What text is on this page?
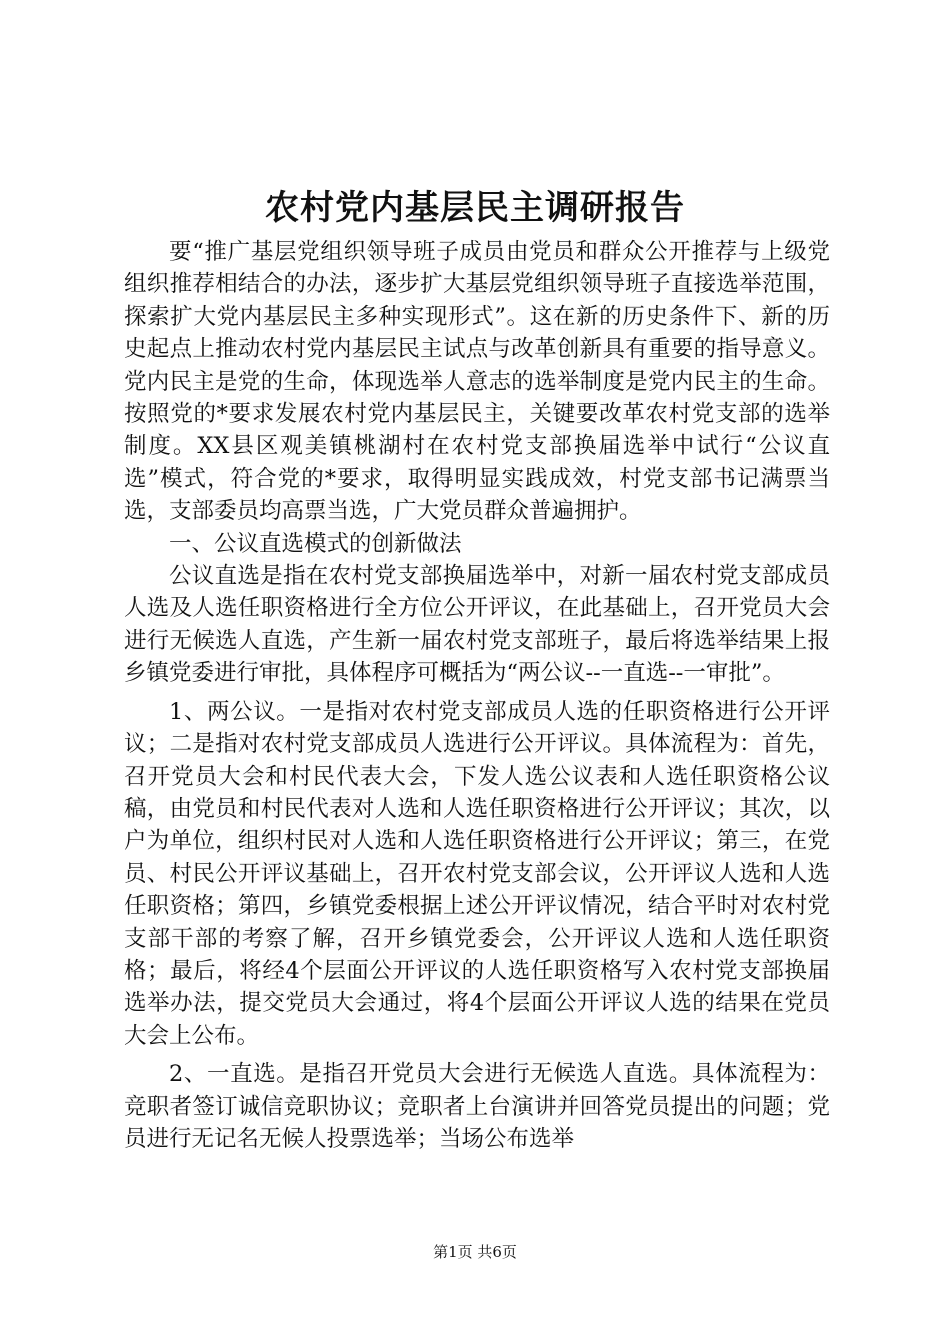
农村党内基层民主调研报告

要“推广基层党组织领导班子成员由党员和群众公开推荐与上级党组织推荐相结合的办法，逐步扩大基层党组织领导班子直接选举范围，探索扩大党内基层民主多种实现形式”。这在新的历史条件下、新的历史起点上推动农村党内基层民主试点与改革创新具有重要的指导意义。党内民主是党的生命，体现选举人意志的选举制度是党内民主的生命。按照党的*要求发展农村党内基层民主，关键要改革农村党支部的选举制度。XX县区观美镇桃湖村在农村党支部换届选举中试行“公议直选”模式，符合党的*要求，取得明显实践成效，村党支部书记满票当选，支部委员均高票当选，广大党员群众普遍拥护。

一、公议直选模式的创新做法

公议直选是指在农村党支部换届选举中，对新一届农村党支部成员人选及人选任职资格进行全方位公开评议，在此基础上，召开党员大会进行无候选人直选，产生新一届农村党支部班子，最后将选举结果上报乡镇党委进行审批，具体程序可概括为“两公议--一直选--一审批”。

1、两公议。一是指对农村党支部成员人选的任职资格进行公开评议；二是指对农村党支部成员人选进行公开评议。具体流程为：首先，召开党员大会和村民代表大会，下发人选公议表和人选任职资格公议稿，由党员和村民代表对人选和人选任职资格进行公开评议；其次，以户为单位，组织村民对人选和人选任职资格进行公开评议；第三，在党员、村民公开评议基础上，召开农村党支部会议，公开评议人选和人选任职资格；第四，乡镇党委根据上述公开评议情况，结合平时对农村党支部干部的考察了解，召开乡镇党委会，公开评议人选和人选任职资格；最后，将经4个层面公开评议的人选任职资格写入农村党支部换届选举办法，提交党员大会通过，将4个层面公开评议人选的结果在党员大会上公布。

2、一直选。是指召开党员大会进行无候选人直选。具体流程为：竞职者签订诚信竞职协议；竞职者上台演讲并回答党员提出的问题；党员进行无记名无候人投票选举；当场公布选举

第1页 共6页
